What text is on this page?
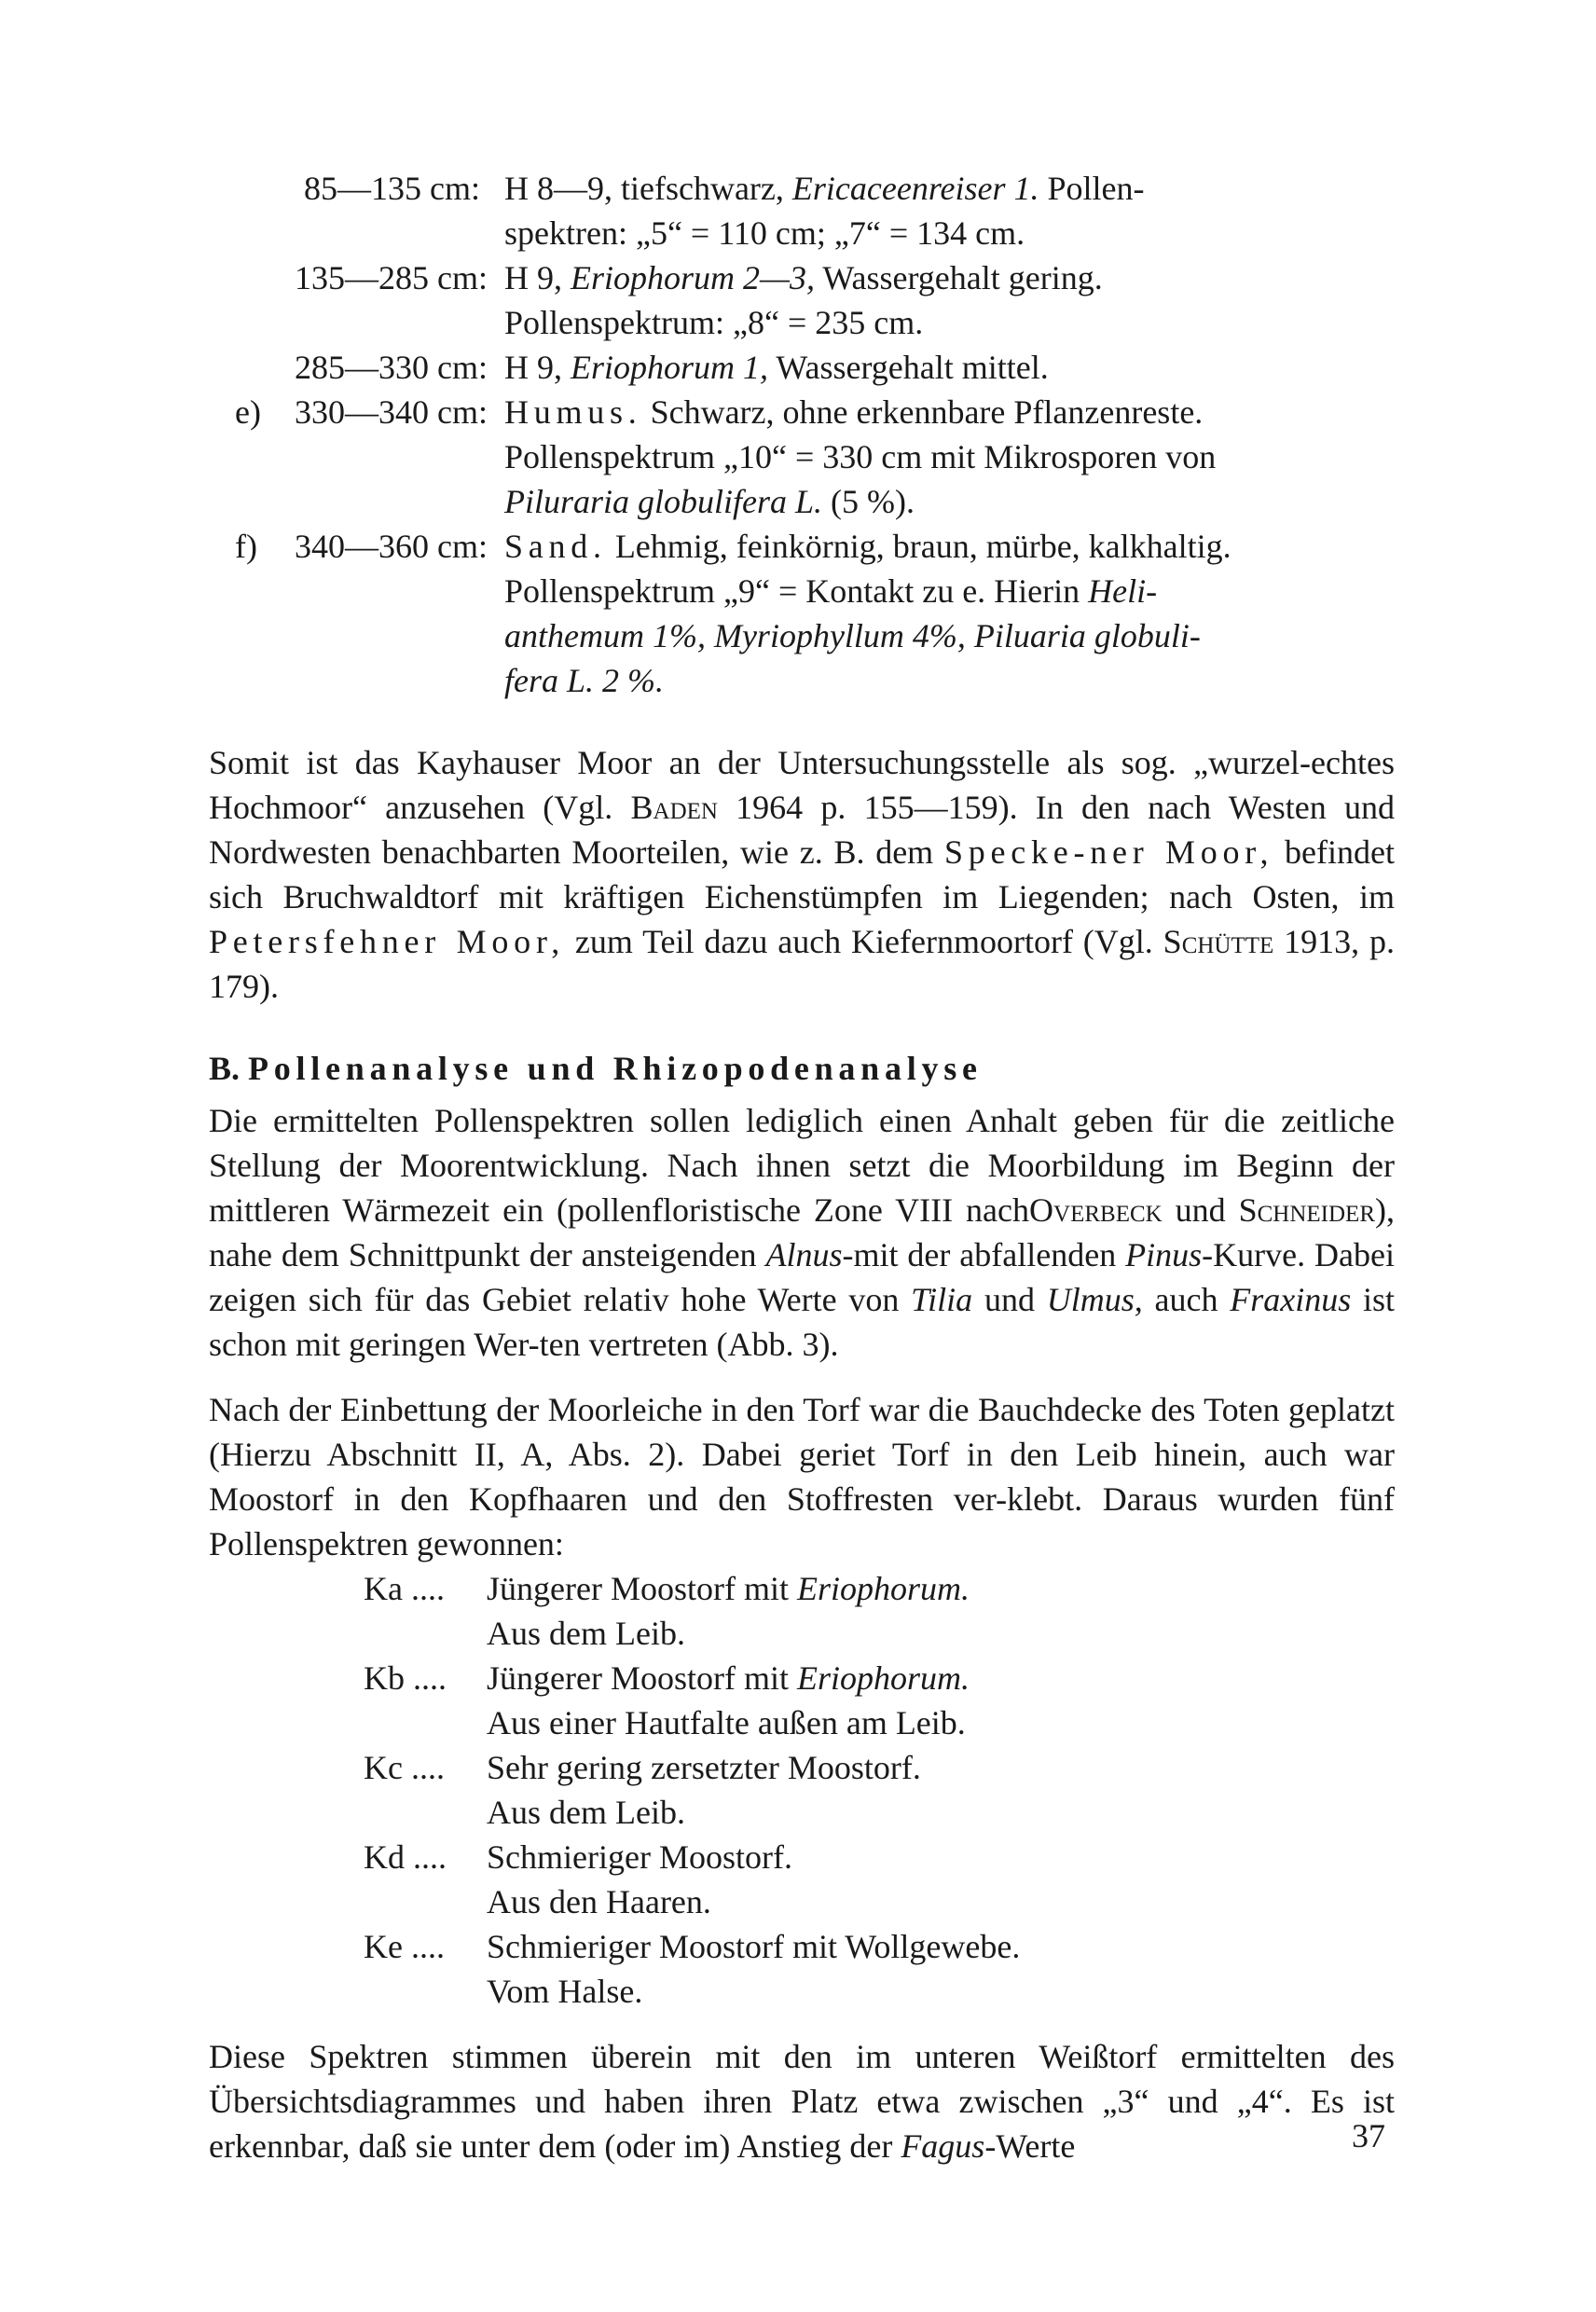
85—135 cm: H 8—9, tiefschwarz, Ericaceenreiser 1. Pollen-
spektren: „5“ = 110 cm; „7“ = 134 cm.
135—285 cm: H 9, Eriophorum 2—3, Wassergehalt gering.
Pollenspektrum: „8“ = 235 cm.
285—330 cm: H 9, Eriophorum 1, Wassergehalt mittel.
e)	330—340 cm: Humus. Schwarz, ohne erkennbare Pflanzenreste.
Pollenspektrum „10“ = 330 cm mit Mikrosporen von
Piluraria globulifera L. (5 %).
f)	340—360 cm: Sand. Lehmig, feinkörnig, braun, mürbe, kalkhaltig.
Pollenspektrum „9“ = Kontakt zu e. Hierin Heli-
anthemum 1%, Myriophyllum 4%, Piluaria globuli-
fera L. 2 %.

Somit ist das Kayhauser Moor an der Untersuchungsstelle als sog. „wurzel-echtes Hochmoor“ anzusehen (Vgl. Baden 1964 p. 155—159). In den nach Westen und Nordwesten benachbarten Moorteilen, wie z. B. dem Specke-ner Moor, befindet sich Bruchwaldtorf mit kräftigen Eichenstümpfen im Liegenden; nach Osten, im Petersfehner Moor, zum Teil dazu auch Kiefernmoortorf (Vgl. Schütte 1913, p. 179).

B. Pollenanalyse und Rhizopodenanalyse

Die ermittelten Pollenspektren sollen lediglich einen Anhalt geben für die zeitliche Stellung der Moorentwicklung. Nach ihnen setzt die Moorbildung im Beginn der mittleren Wärmezeit ein (pollenfloristische Zone VIII nachOverbeck und Schneider), nahe dem Schnittpunkt der ansteigenden Alnus-mit der abfallenden Pinus-Kurve. Dabei zeigen sich für das Gebiet relativ hohe Werte von Tilia und Ulmus, auch Fraxinus ist schon mit geringen Wer-ten vertreten (Abb. 3).

Nach der Einbettung der Moorleiche in den Torf war die Bauchdecke des Toten geplatzt (Hierzu Abschnitt II, A, Abs. 2). Dabei geriet Torf in den Leib hinein, auch war Moostorf in den Kopfhaaren und den Stoffresten ver-klebt. Daraus wurden fünf Pollenspektren gewonnen:

Ka ....	Jüngerer Moostorf mit Eriophorum.
Aus dem Leib.
Kb ....	Jüngerer Moostorf mit Eriophorum.
Aus einer Hautfalte außen am Leib.
Kc ....	Sehr gering zersetzter Moostorf.
Aus dem Leib.
Kd ....	Schmieriger Moostorf.
Aus den Haaren.
Ke ....	Schmieriger Moostorf mit Wollgewebe.
Vom Halse.

Diese Spektren stimmen überein mit den im unteren Weißtorf ermittelten des Übersichtsdiagrammes und haben ihren Platz etwa zwischen „3“ und „4“. Es ist erkennbar, daß sie unter dem (oder im) Anstieg der Fagus-Werte	37
